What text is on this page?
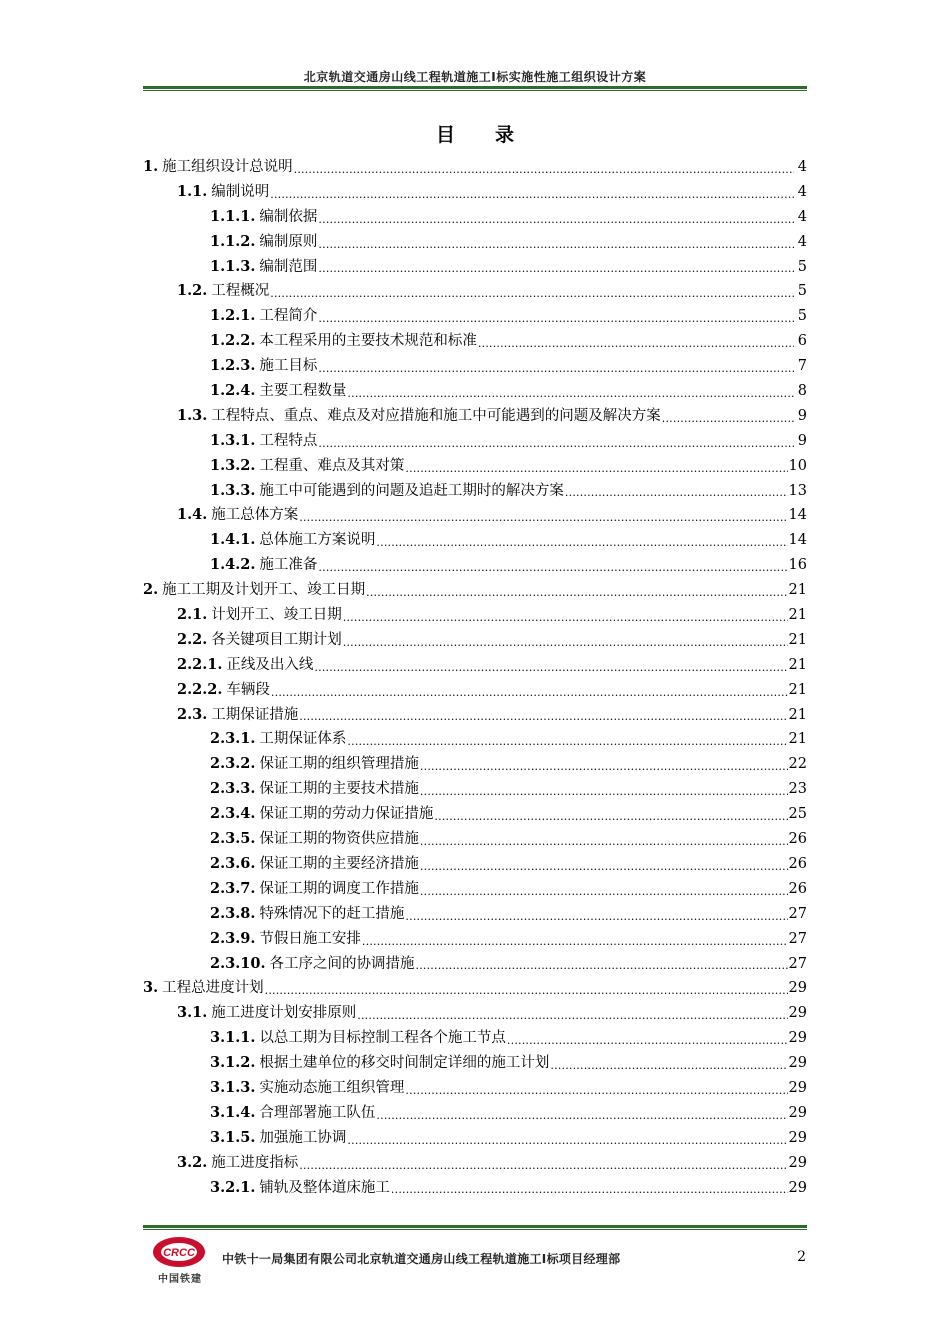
北京轨道交通房山线工程轨道施工Ⅰ标实施性施工组织设计方案
目录
1. 施工组织设计总说明 .....	4
1.1. 编制说明 .....	4
1.1.1. 编制依据 .....	4
1.1.2. 编制原则 .....	4
1.1.3. 编制范围 .....	5
1.2. 工程概况 .....	5
1.2.1. 工程简介 .....	5
1.2.2. 本工程采用的主要技术规范和标准 .....	6
1.2.3. 施工目标 .....	7
1.2.4. 主要工程数量 .....	8
1.3. 工程特点、重点、难点及对应措施和施工中可能遇到的问题及解决方案 .....	9
1.3.1. 工程特点 .....	9
1.3.2. 工程重、难点及其对策 .....	10
1.3.3. 施工中可能遇到的问题及追赶工期时的解决方案 .....	13
1.4. 施工总体方案 .....	14
1.4.1. 总体施工方案说明 .....	14
1.4.2. 施工准备 .....	16
2. 施工工期及计划开工、竣工日期 .....	21
2.1. 计划开工、竣工日期 .....	21
2.2. 各关键项目工期计划 .....	21
2.2.1. 正线及出入线 .....	21
2.2.2. 车辆段 .....	21
2.3. 工期保证措施 .....	21
2.3.1. 工期保证体系 .....	21
2.3.2. 保证工期的组织管理措施 .....	22
2.3.3. 保证工期的主要技术措施 .....	23
2.3.4. 保证工期的劳动力保证措施 .....	25
2.3.5. 保证工期的物资供应措施 .....	26
2.3.6. 保证工期的主要经济措施 .....	26
2.3.7. 保证工期的调度工作措施 .....	26
2.3.8. 特殊情况下的赶工措施 .....	27
2.3.9. 节假日施工安排 .....	27
2.3.10. 各工序之间的协调措施 .....	27
3. 工程总进度计划 .....	29
3.1. 施工进度计划安排原则 .....	29
3.1.1. 以总工期为目标控制工程各个施工节点 .....	29
3.1.2. 根据土建单位的移交时间制定详细的施工计划 .....	29
3.1.3. 实施动态施工组织管理 .....	29
3.1.4. 合理部署施工队伍 .....	29
3.1.5. 加强施工协调 .....	29
3.2. 施工进度指标 .....	29
3.2.1. 铺轨及整体道床施工 .....	29
CRCC
中国铁建
中铁十一局集团有限公司北京轨道交通房山线工程轨道施工Ⅰ标项目经理部	2
